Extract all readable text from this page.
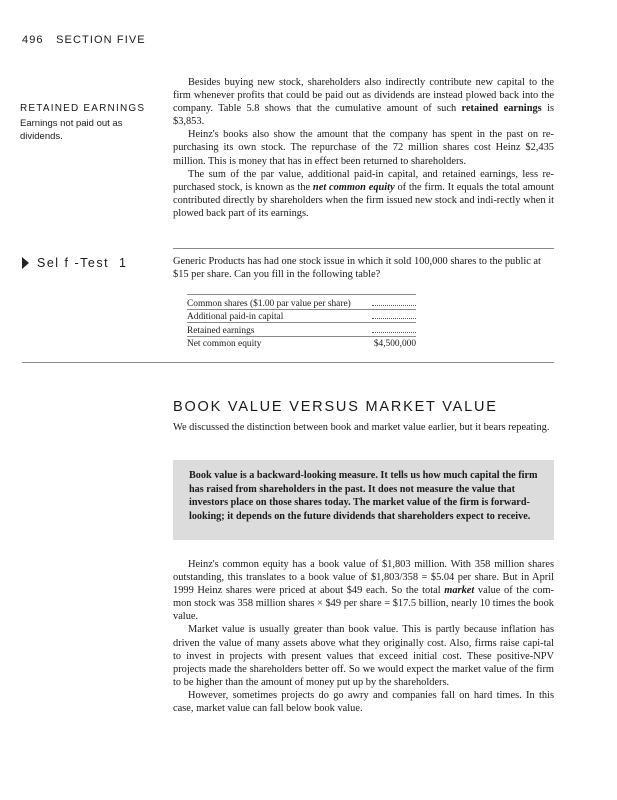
496 SECTION FIVE

Besides buying new stock, shareholders also indirectly contribute new capital to the firm whenever profits that could be paid out as dividends are instead plowed back into the company. Table 5.8 shows that the cumulative amount of such retained earnings is $3,853.

Heinz's books also show the amount that the company has spent in the past on re-purchasing its own stock. The repurchase of the 72 million shares cost Heinz $2,435 million. This is money that has in effect been returned to shareholders.

The sum of the par value, additional paid-in capital, and retained earnings, less re-purchased stock, is known as the net common equity of the firm. It equals the total amount contributed directly by shareholders when the firm issued new stock and indi-rectly when it plowed back part of its earnings.

RETAINED EARNINGS
Earnings not paid out as dividends.
Sel f -Test  1	Generic Products has had one stock issue in which it sold 100,000 shares to the public at $15 per share. Can you fill in the following table?
Common shares ($1.00 par value per share)
Additional paid-in capital
Retained earnings
Net common equity	$4,500,000
BOOK VALUE VERSUS MARKET VALUE
We discussed the distinction between book and market value earlier, but it bears repeating.
Book value is a backward-looking measure. It tells us how much capital the firm has raised from shareholders in the past. It does not measure the value that investors place on those shares today. The market value of the firm is forward-looking; it depends on the future dividends that shareholders expect to receive.

Heinz's common equity has a book value of $1,803 million. With 358 million shares outstanding, this translates to a book value of $1,803/358 = $5.04 per share. But in April 1999 Heinz shares were priced at about $49 each. So the total market value of the com-mon stock was 358 million shares × $49 per share = $17.5 billion, nearly 10 times the book value.

Market value is usually greater than book value. This is partly because inflation has driven the value of many assets above what they originally cost. Also, firms raise capi-tal to invest in projects with present values that exceed initial cost. These positive-NPV projects made the shareholders better off. So we would expect the market value of the firm to be higher than the amount of money put up by the shareholders.

However, sometimes projects do go awry and companies fall on hard times. In this case, market value can fall below book value.
